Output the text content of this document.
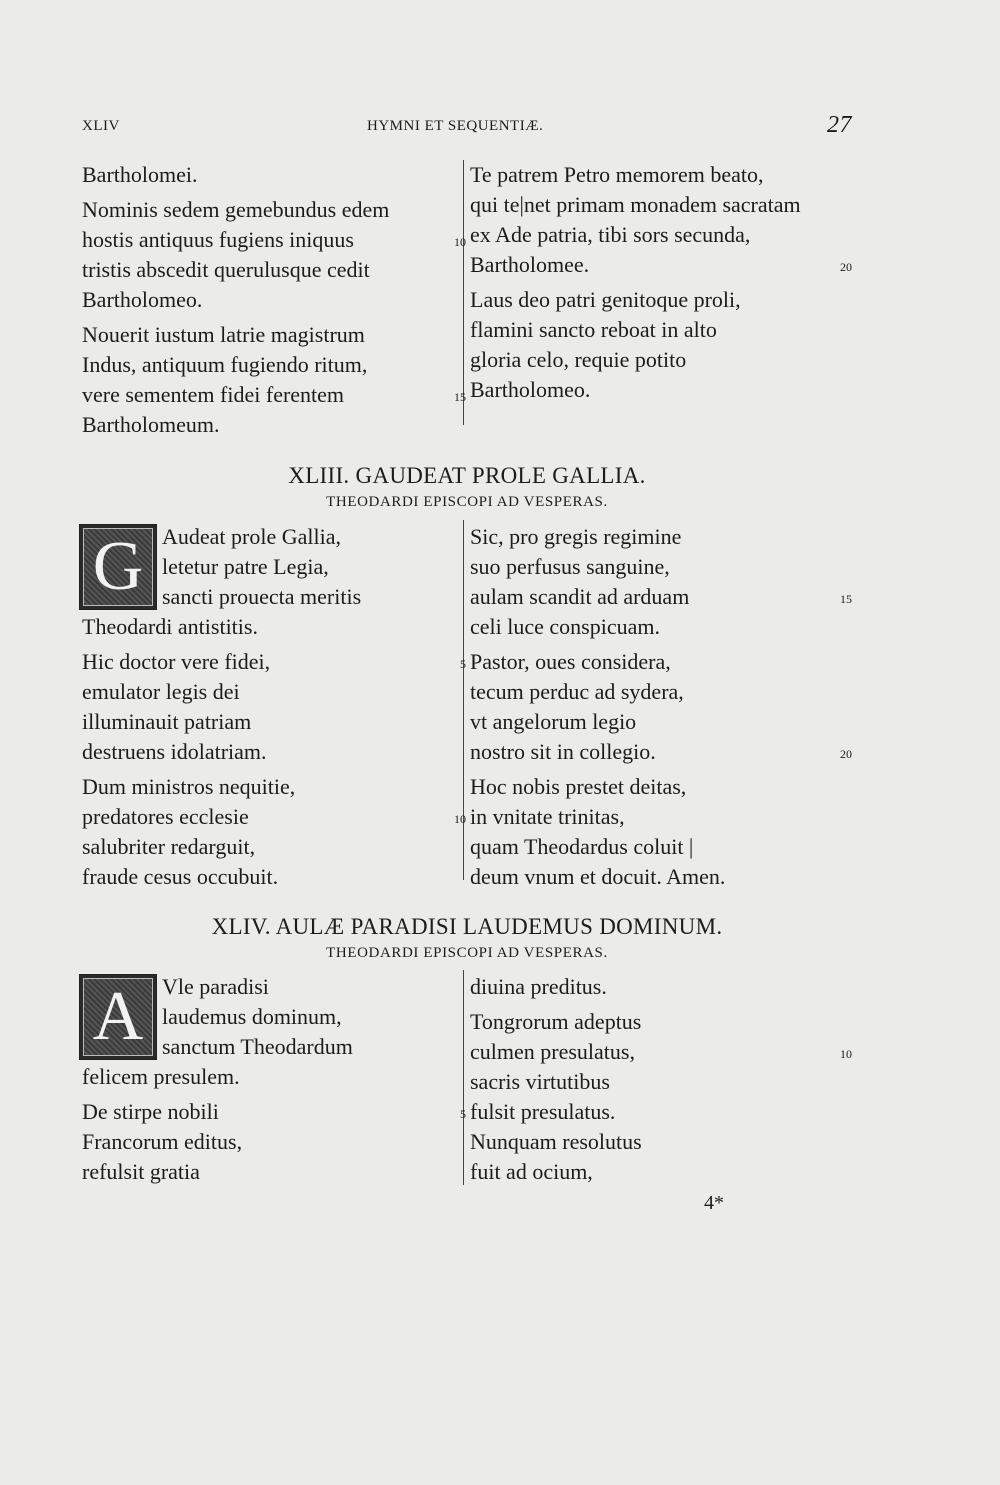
XLIV	HYMNI ET SEQUENTIÆ.	27
Bartholomei.
Nominis sedem gemebundus edem
hostis antiquus fugiens iniquus	10
tristis abscedit querulusque cedit
Bartholomeo.
Nouerit iustum latrie magistrum
Indus, antiquum fugiendo ritum,
vere sementem fidei ferentem	15
Bartholomeum.
Te patrem Petro memorem beato,
qui te|net primam monadem sacratam
ex Ade patria, tibi sors secunda,
Bartholomee.	20
Laus deo patri genitoque proli,
flamini sancto reboat in alto
gloria celo, requie potito
Bartholomeo.
XLIII. GAUDEAT PROLE GALLIA.
THEODARDI EPISCOPI AD VESPERAS.
G Audeat prole Gallia,
letetur patre Legia,
sancti prouecta meritis
Theodardi antistitis.
Hic doctor vere fidei,	5
emulator legis dei
illuminauit patriam
destruens idolatriam.
Dum ministros nequitie,
predatores ecclesie	10
salubriter redarguit,
fraude cesus occubuit.
Sic, pro gregis regimine
suo perfusus sanguine,
aulam scandit ad arduam	15
celi luce conspicuam.
Pastor, oues considera,
tecum perduc ad sydera,
vt angelorum legio
nostro sit in collegio.	20
Hoc nobis prestet deitas,
in vnitate trinitas,
quam Theodardus coluit |
deum vnum et docuit. Amen.
XLIV. AULÆ PARADISI LAUDEMUS DOMINUM.
THEODARDI EPISCOPI AD VESPERAS.
A Vle paradisi
laudemus dominum,
sanctum Theodardum
felicem presulem.
De stirpe nobili	5
Francorum editus,
refulsit gratia
diuina preditus.
Tongrorum adeptus
culmen presulatus,	10
sacris virtutibus
fulsit presulatus.
Nunquam resolutus
fuit ad ocium,
4*
